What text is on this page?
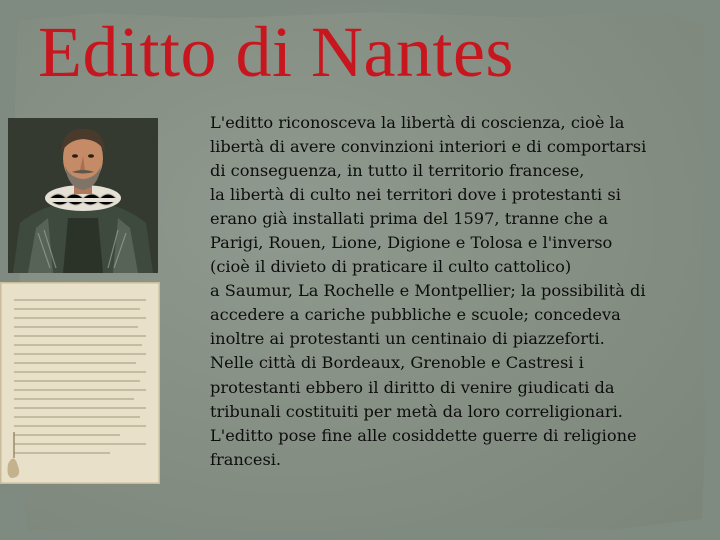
Editto di Nantes
L'editto riconosceva la libertà di coscienza, cioè la
libertà di avere convinzioni interiori e di comportarsi
di conseguenza, in tutto il territorio francese,
la libertà di culto nei territori dove i protestanti si
erano già installati prima del 1597, tranne che a
Parigi, Rouen, Lione, Digione e Tolosa e l'inverso
(cioè il divieto di praticare il culto cattolico)
a Saumur, La Rochelle e Montpellier; la possibilità di
accedere a cariche pubbliche e scuole; concedeva
inoltre ai protestanti un centinaio di piazzeforti.
Nelle città di Bordeaux, Grenoble e Castresi i
protestanti ebbero il diritto di venire giudicati da
tribunali costituiti per metà da loro correligionari.
L'editto pose fine alle cosiddette guerre di religione
francesi.
